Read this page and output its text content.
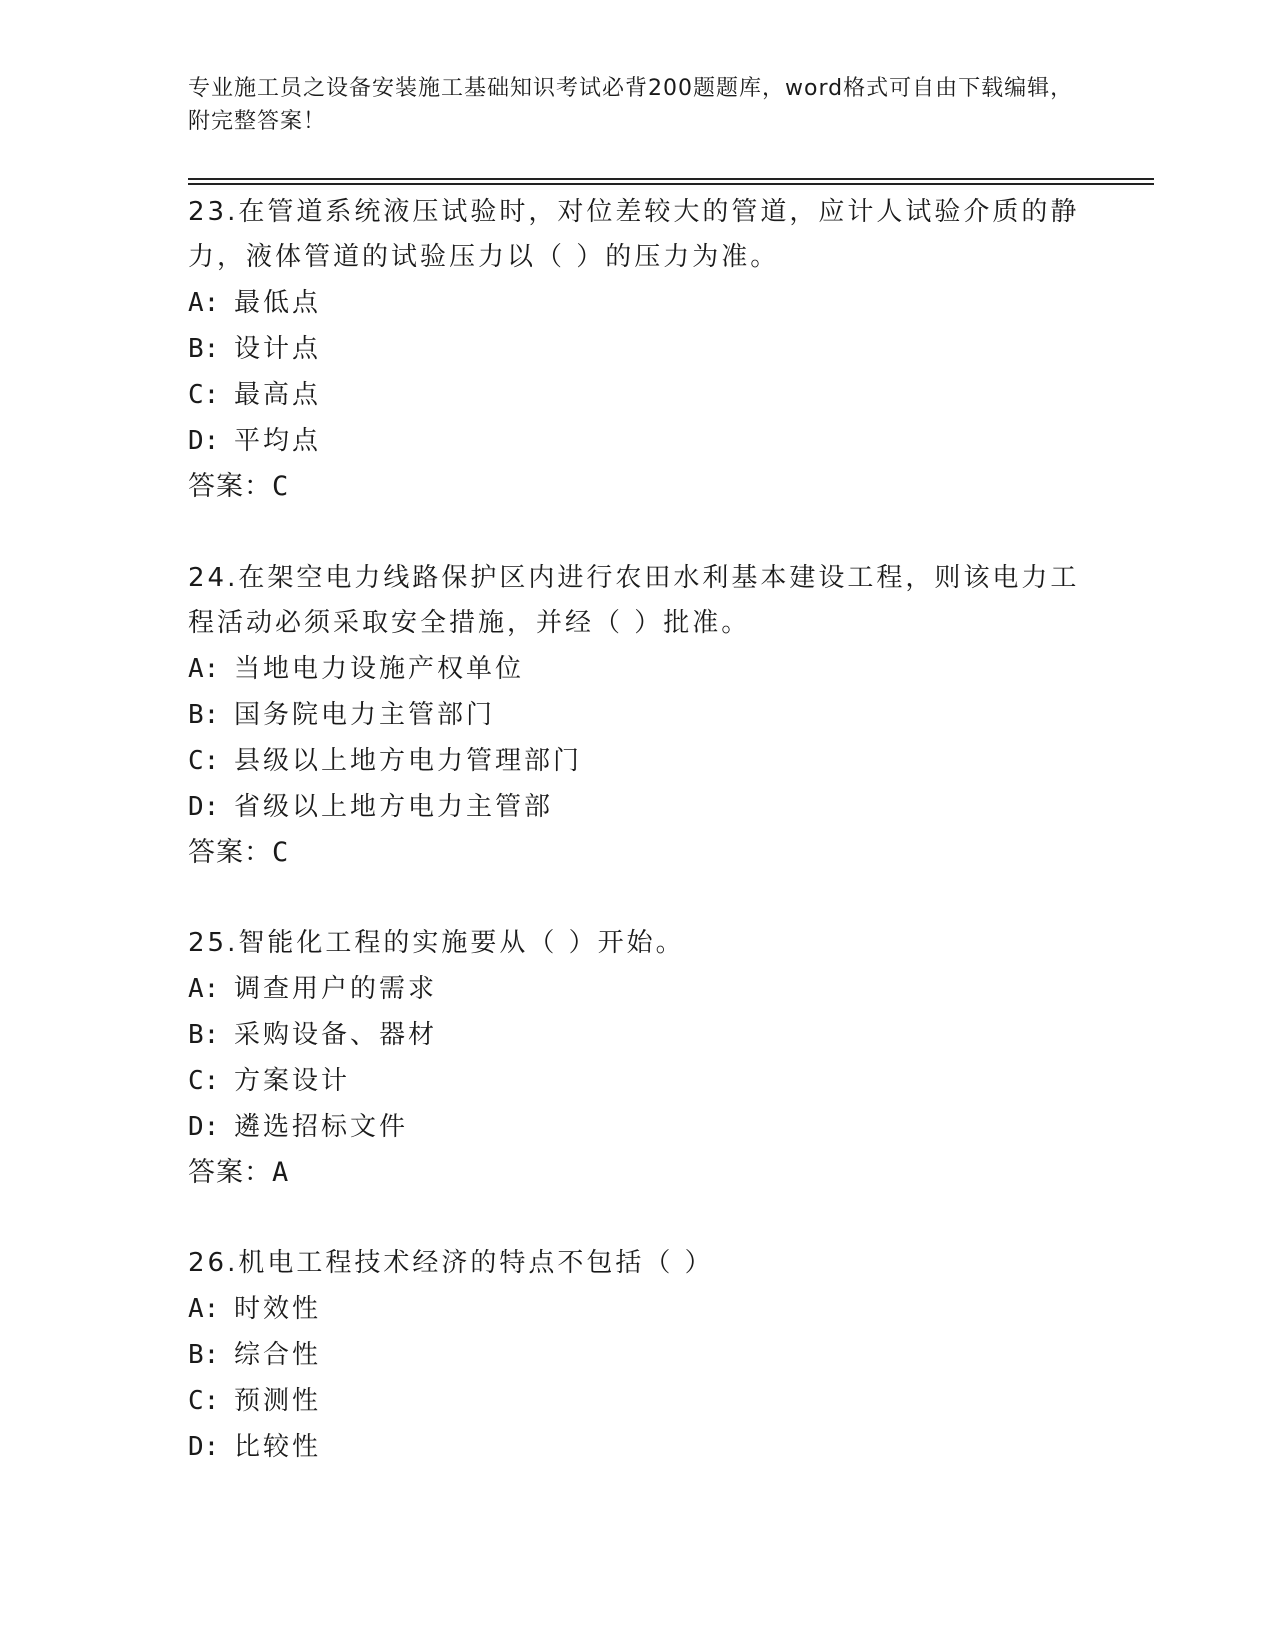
专业施工员之设备安装施工基础知识考试必背200题题库，word格式可自由下载编辑，附完整答案！
23.在管道系统液压试验时，对位差较大的管道，应计人试验介质的静力，液体管道的试验压力以（ ）的压力为准。
A: 最低点
B: 设计点
C: 最高点
D: 平均点
答案：C
24.在架空电力线路保护区内进行农田水利基本建设工程，则该电力工程活动必须采取安全措施，并经（ ）批准。
A: 当地电力设施产权单位
B: 国务院电力主管部门
C: 县级以上地方电力管理部门
D: 省级以上地方电力主管部
答案：C
25.智能化工程的实施要从（ ）开始。
A: 调查用户的需求
B: 采购设备、器材
C: 方案设计
D: 遴选招标文件
答案：A
26.机电工程技术经济的特点不包括（ ）
A: 时效性
B: 综合性
C: 预测性
D: 比较性
